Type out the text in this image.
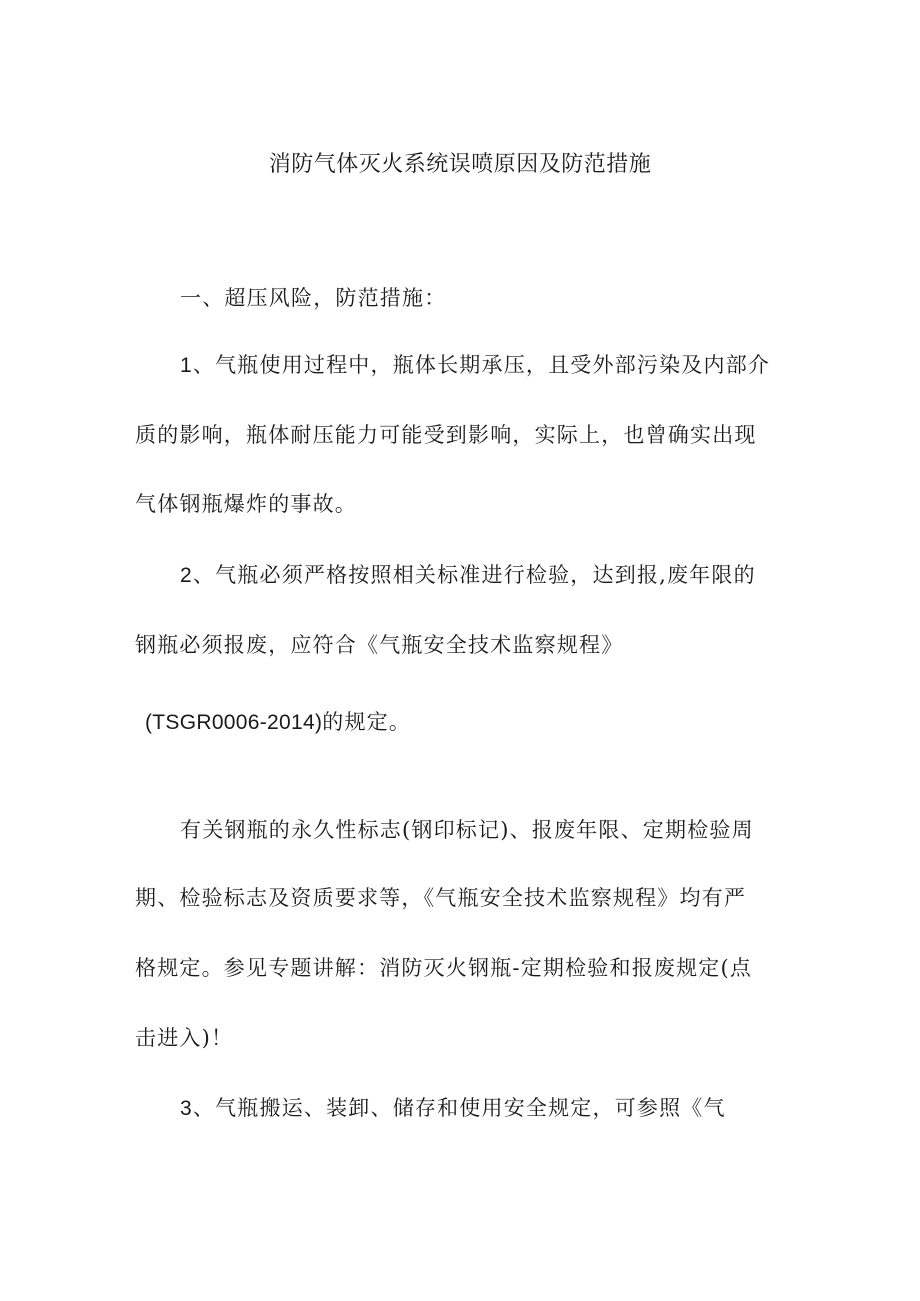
消防气体灭火系统误喷原因及防范措施
一、超压风险，防范措施：
1、气瓶使用过程中，瓶体长期承压，且受外部污染及内部介
质的影响，瓶体耐压能力可能受到影响，实际上，也曾确实出现
气体钢瓶爆炸的事故。
2、气瓶必须严格按照相关标准进行检验，达到报,废年限的
钢瓶必须报废，应符合《气瓶安全技术监察规程》
(TSGR0006-2014)的规定。
有关钢瓶的永久性标志(钢印标记)、报废年限、定期检验周
期、检验标志及资质要求等，《气瓶安全技术监察规程》均有严
格规定。参见专题讲解：消防灭火钢瓶-定期检验和报废规定(点
击进入)！
3、气瓶搬运、装卸、储存和使用安全规定，可参照《气
